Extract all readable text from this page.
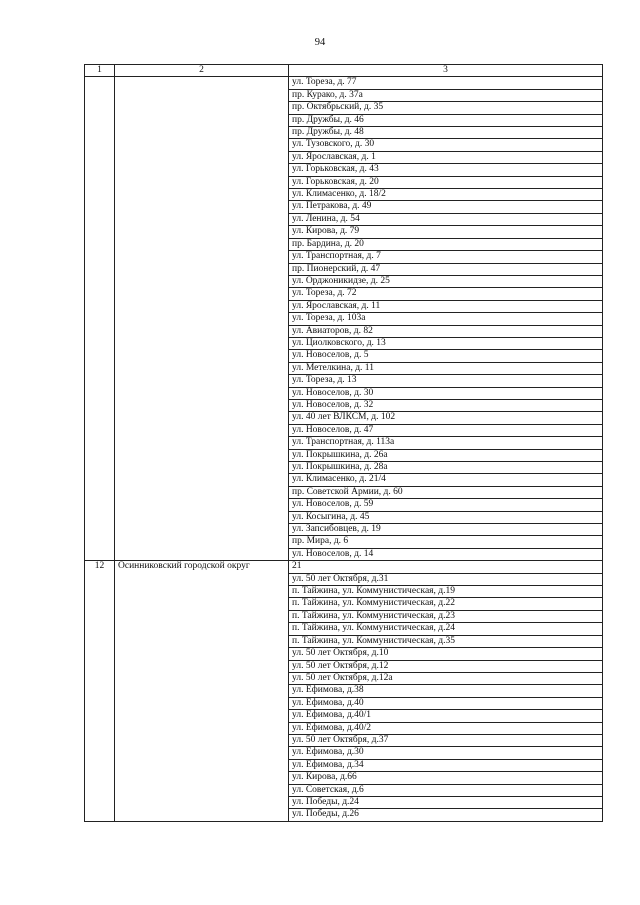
94
1	2	3
		ул. Тореза, д. 77
		пр. Курако, д. 37а
		пр. Октябрьский, д. 35
		пр. Дружбы, д. 46
		пр. Дружбы, д. 48
		ул. Тузовского, д. 30
		ул. Ярославская, д. 1
		ул. Горьковская, д. 43
		ул. Горьковская, д. 20
		ул. Климасенко, д. 18/2
		ул. Петракова, д. 49
		ул. Ленина, д. 54
		ул. Кирова, д. 79
		пр. Бардина, д. 20
		ул. Транспортная, д. 7
		пр. Пионерский, д. 47
		ул. Орджоникидзе, д. 25
		ул. Тореза, д. 72
		ул. Ярославская, д. 11
		ул. Тореза, д. 103а
		ул. Авиаторов, д. 82
		ул. Циолковского, д. 13
		ул. Новоселов, д. 5
		ул. Метелкина, д. 11
		ул. Тореза, д. 13
		ул. Новоселов, д. 30
		ул. Новоселов, д. 32
		ул. 40 лет ВЛКСМ, д. 102
		ул. Новоселов, д. 47
		ул. Транспортная, д. 113а
		ул. Покрышкина, д. 26а
		ул. Покрышкина, д. 28а
		ул. Климасенко, д. 21/4
		пр. Советской Армии, д. 60
		ул. Новоселов, д. 59
		ул. Косыгина, д. 45
		ул. Запсибовцев, д. 19
		пр. Мира, д. 6
		ул. Новоселов, д. 14
12	Осинниковский городской округ	21
		ул. 50 лет Октября, д.31
		п. Тайжина, ул. Коммунистическая, д.19
		п. Тайжина, ул. Коммунистическая, д.22
		п. Тайжина, ул. Коммунистическая, д.23
		п. Тайжина, ул. Коммунистическая, д.24
		п. Тайжина, ул. Коммунистическая, д.35
		ул. 50 лет Октября, д.10
		ул. 50 лет Октября, д.12
		ул. 50 лет Октября, д.12а
		ул. Ефимова, д.38
		ул. Ефимова, д.40
		ул. Ефимова, д.40/1
		ул. Ефимова, д.40/2
		ул. 50 лет Октября, д.37
		ул. Ефимова, д.30
		ул. Ефимова, д.34
		ул. Кирова, д.66
		ул. Советская, д.6
		ул. Победы, д.24
		ул. Победы, д.26
